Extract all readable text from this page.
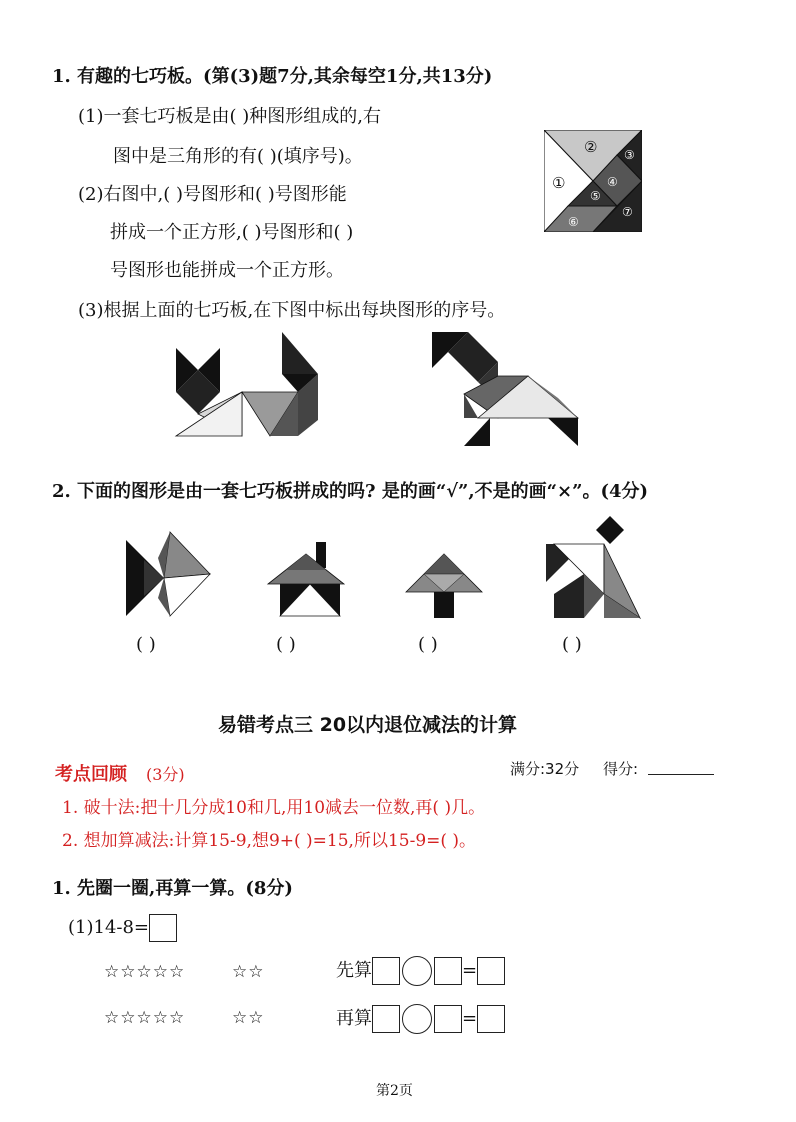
1. 有趣的七巧板。(第(3)题7分,其余每空1分,共13分)
(1)一套七巧板是由( )种图形组成的,右
图中是三角形的有( )(填序号)。
(2)右图中,( )号图形和( )号图形能
拼成一个正方形,( )号图形和( )
号图形也能拼成一个正方形。
(3)根据上面的七巧板,在下图中标出每块图形的序号。
①
② ③
④
⑤
⑥
⑦
2. 下面的图形是由一套七巧板拼成的吗? 是的画“√”,不是的画“×”。(4分)
( )	( )	( )	( )
易错考点三 20以内退位减法的计算
考点回顾 (3分)	满分:32分 得分:
1. 破十法:把十几分成10和几,用10减去一位数,再( )几。
2. 想加算减法:计算15-9,想9+( )=15,所以15-9=( )。
1. 先圈一圈,再算一算。(8分)
(1)14-8=
☆☆☆☆☆	☆☆
☆☆☆☆☆	☆☆
先算	=
再算	=
第2页
